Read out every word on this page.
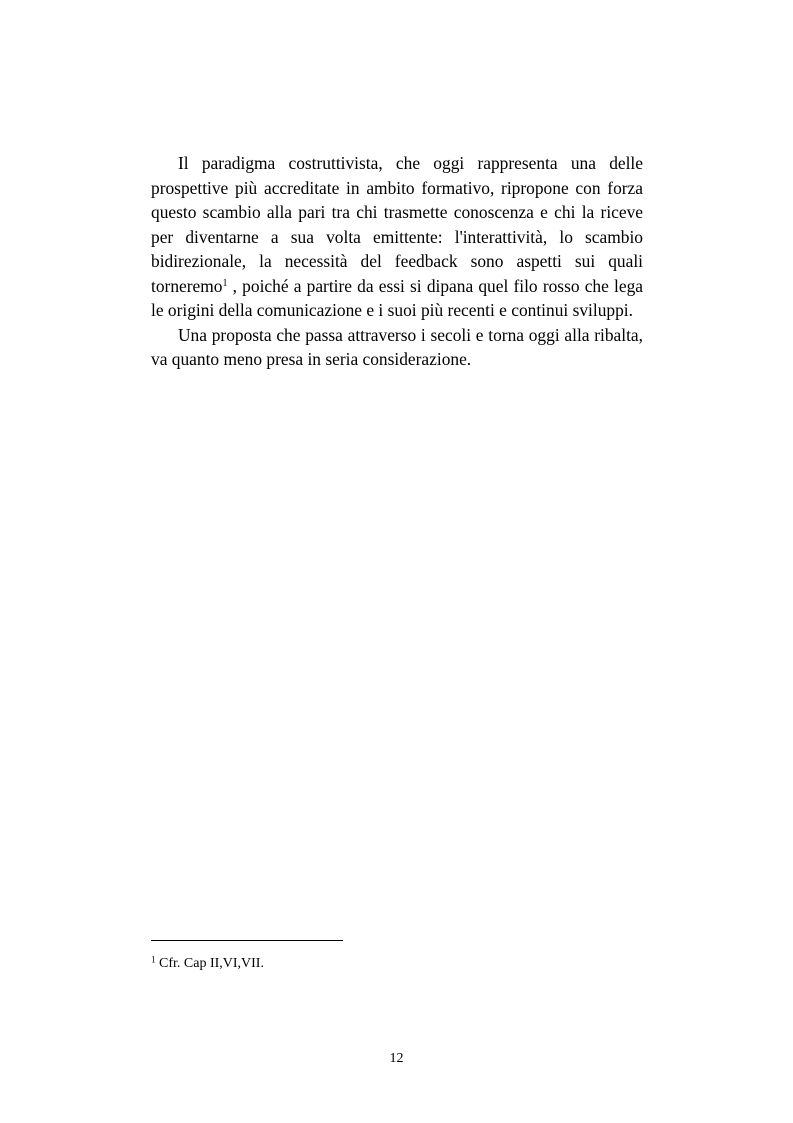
Il paradigma costruttivista, che oggi rappresenta una delle prospettive più accreditate in ambito formativo, ripropone con forza questo scambio alla pari tra chi trasmette conoscenza e chi la riceve per diventarne a sua volta emittente: l'interattività, lo scambio bidirezionale, la necessità del feedback sono aspetti sui quali torneremo$^1$ , poiché a partire da essi si dipana quel filo rosso che lega le origini della comunicazione e i suoi più recenti e continui sviluppi.

Una proposta che passa attraverso i secoli e torna oggi alla ribalta, va quanto meno presa in seria considerazione.

$^1$ Cfr. Cap II,VI,VII.
12
